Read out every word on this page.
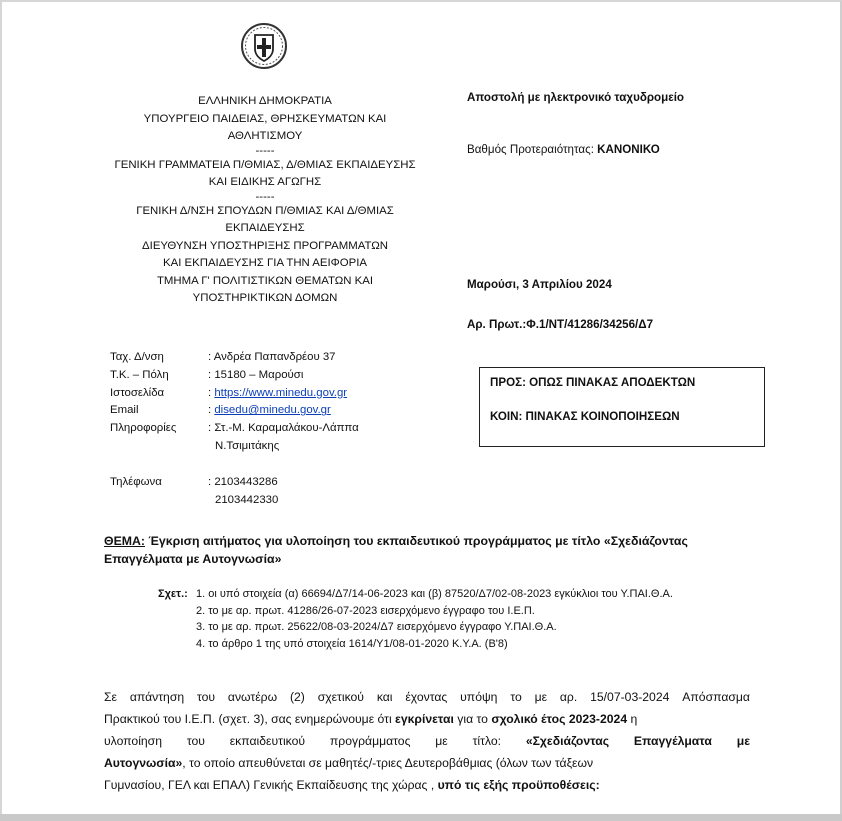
ΕΛΛΗΝΙΚΗ ΔΗΜΟΚΡΑΤΙΑ
ΥΠΟΥΡΓΕΙΟ ΠΑΙΔΕΙΑΣ, ΘΡΗΣΚΕΥΜΑΤΩΝ ΚΑΙ
ΑΘΛΗΤΙΣΜΟΥ
-----
ΓΕΝΙΚΗ ΓΡΑΜΜΑΤΕΙΑ Π/ΘΜΙΑΣ, Δ/ΘΜΙΑΣ ΕΚΠΑΙΔΕΥΣΗΣ
ΚΑΙ ΕΙΔΙΚΗΣ ΑΓΩΓΗΣ
-----
ΓΕΝΙΚΗ Δ/ΝΣΗ ΣΠΟΥΔΩΝ Π/ΘΜΙΑΣ ΚΑΙ Δ/ΘΜΙΑΣ
ΕΚΠΑΙΔΕΥΣΗΣ
ΔΙΕΥΘΥΝΣΗ ΥΠΟΣΤΗΡΙΞΗΣ ΠΡΟΓΡΑΜΜΑΤΩΝ
ΚΑΙ ΕΚΠΑΙΔΕΥΣΗΣ ΓΙΑ ΤΗΝ ΑΕΙΦΟΡΙΑ
ΤΜΗΜΑ Γ' ΠΟΛΙΤΙΣΤΙΚΩΝ ΘΕΜΑΤΩΝ ΚΑΙ
ΥΠΟΣΤΗΡΙΚΤΙΚΩΝ ΔΟΜΩΝ
Αποστολή με ηλεκτρονικό ταχυδρομείο
Βαθμός Προτεραιότητας: ΚΑΝΟΝΙΚΟ
Μαρούσι, 3 Απριλίου 2024
Αρ. Πρωτ.:Φ.1/ΝΤ/41286/34256/Δ7
ΠΡΟΣ: ΟΠΩΣ ΠΙΝΑΚΑΣ ΑΠΟΔΕΚΤΩΝ
ΚΟΙΝ: ΠΙΝΑΚΑΣ ΚΟΙΝΟΠΟΙΗΣΕΩΝ
Ταχ. Δ/νση	: Ανδρέα Παπανδρέου 37
Τ.Κ. – Πόλη	: 15180 – Μαρούσι
Ιστοσελίδα	: https://www.minedu.gov.gr
Email	: disedu@minedu.gov.gr
Πληροφορίες	: Στ.-Μ. Καραμαλάκου-Λάππα
Ν.Τσιμιτάκης
Τηλέφωνα	: 2103443286
2103442330
ΘΕΜΑ: Έγκριση αιτήματος για υλοποίηση του εκπαιδευτικού προγράμματος με τίτλο «Σχεδιάζοντας
Επαγγέλματα με Αυτογνωσία»
Σχετ.: 1. οι υπό στοιχεία (α) 66694/Δ7/14-06-2023 και (β) 87520/Δ7/02-08-2023 εγκύκλιοι του Υ.ΠΑΙ.Θ.Α.
2. το με αρ. πρωτ. 41286/26-07-2023 εισερχόμενο έγγραφο του Ι.Ε.Π.
3. το με αρ. πρωτ. 25622/08-03-2024/Δ7 εισερχόμενο έγγραφο Υ.ΠΑΙ.Θ.Α.
4. το άρθρο 1 της υπό στοιχεία 1614/Υ1/08-01-2020 Κ.Υ.Α. (Β'8)
Σε απάντηση του ανωτέρω (2) σχετικού και έχοντας υπόψη το με αρ. 15/07-03-2024 Απόσπασμα
Πρακτικού του Ι.Ε.Π. (σχετ. 3), σας ενημερώνουμε ότι εγκρίνεται για το σχολικό έτος 2023-2024 η
υλοποίηση του εκπαιδευτικού προγράμματος με τίτλο: «Σχεδιάζοντας Επαγγέλματα με
Αυτογνωσία» , το οποίο απευθύνεται σε μαθητές/-τριες Δευτεροβάθμιας (όλων των τάξεων
Γυμνασίου, ΓΕΛ και ΕΠΑΛ) Γενικής Εκπαίδευσης της χώρας , υπό τις εξής προϋποθέσεις :
